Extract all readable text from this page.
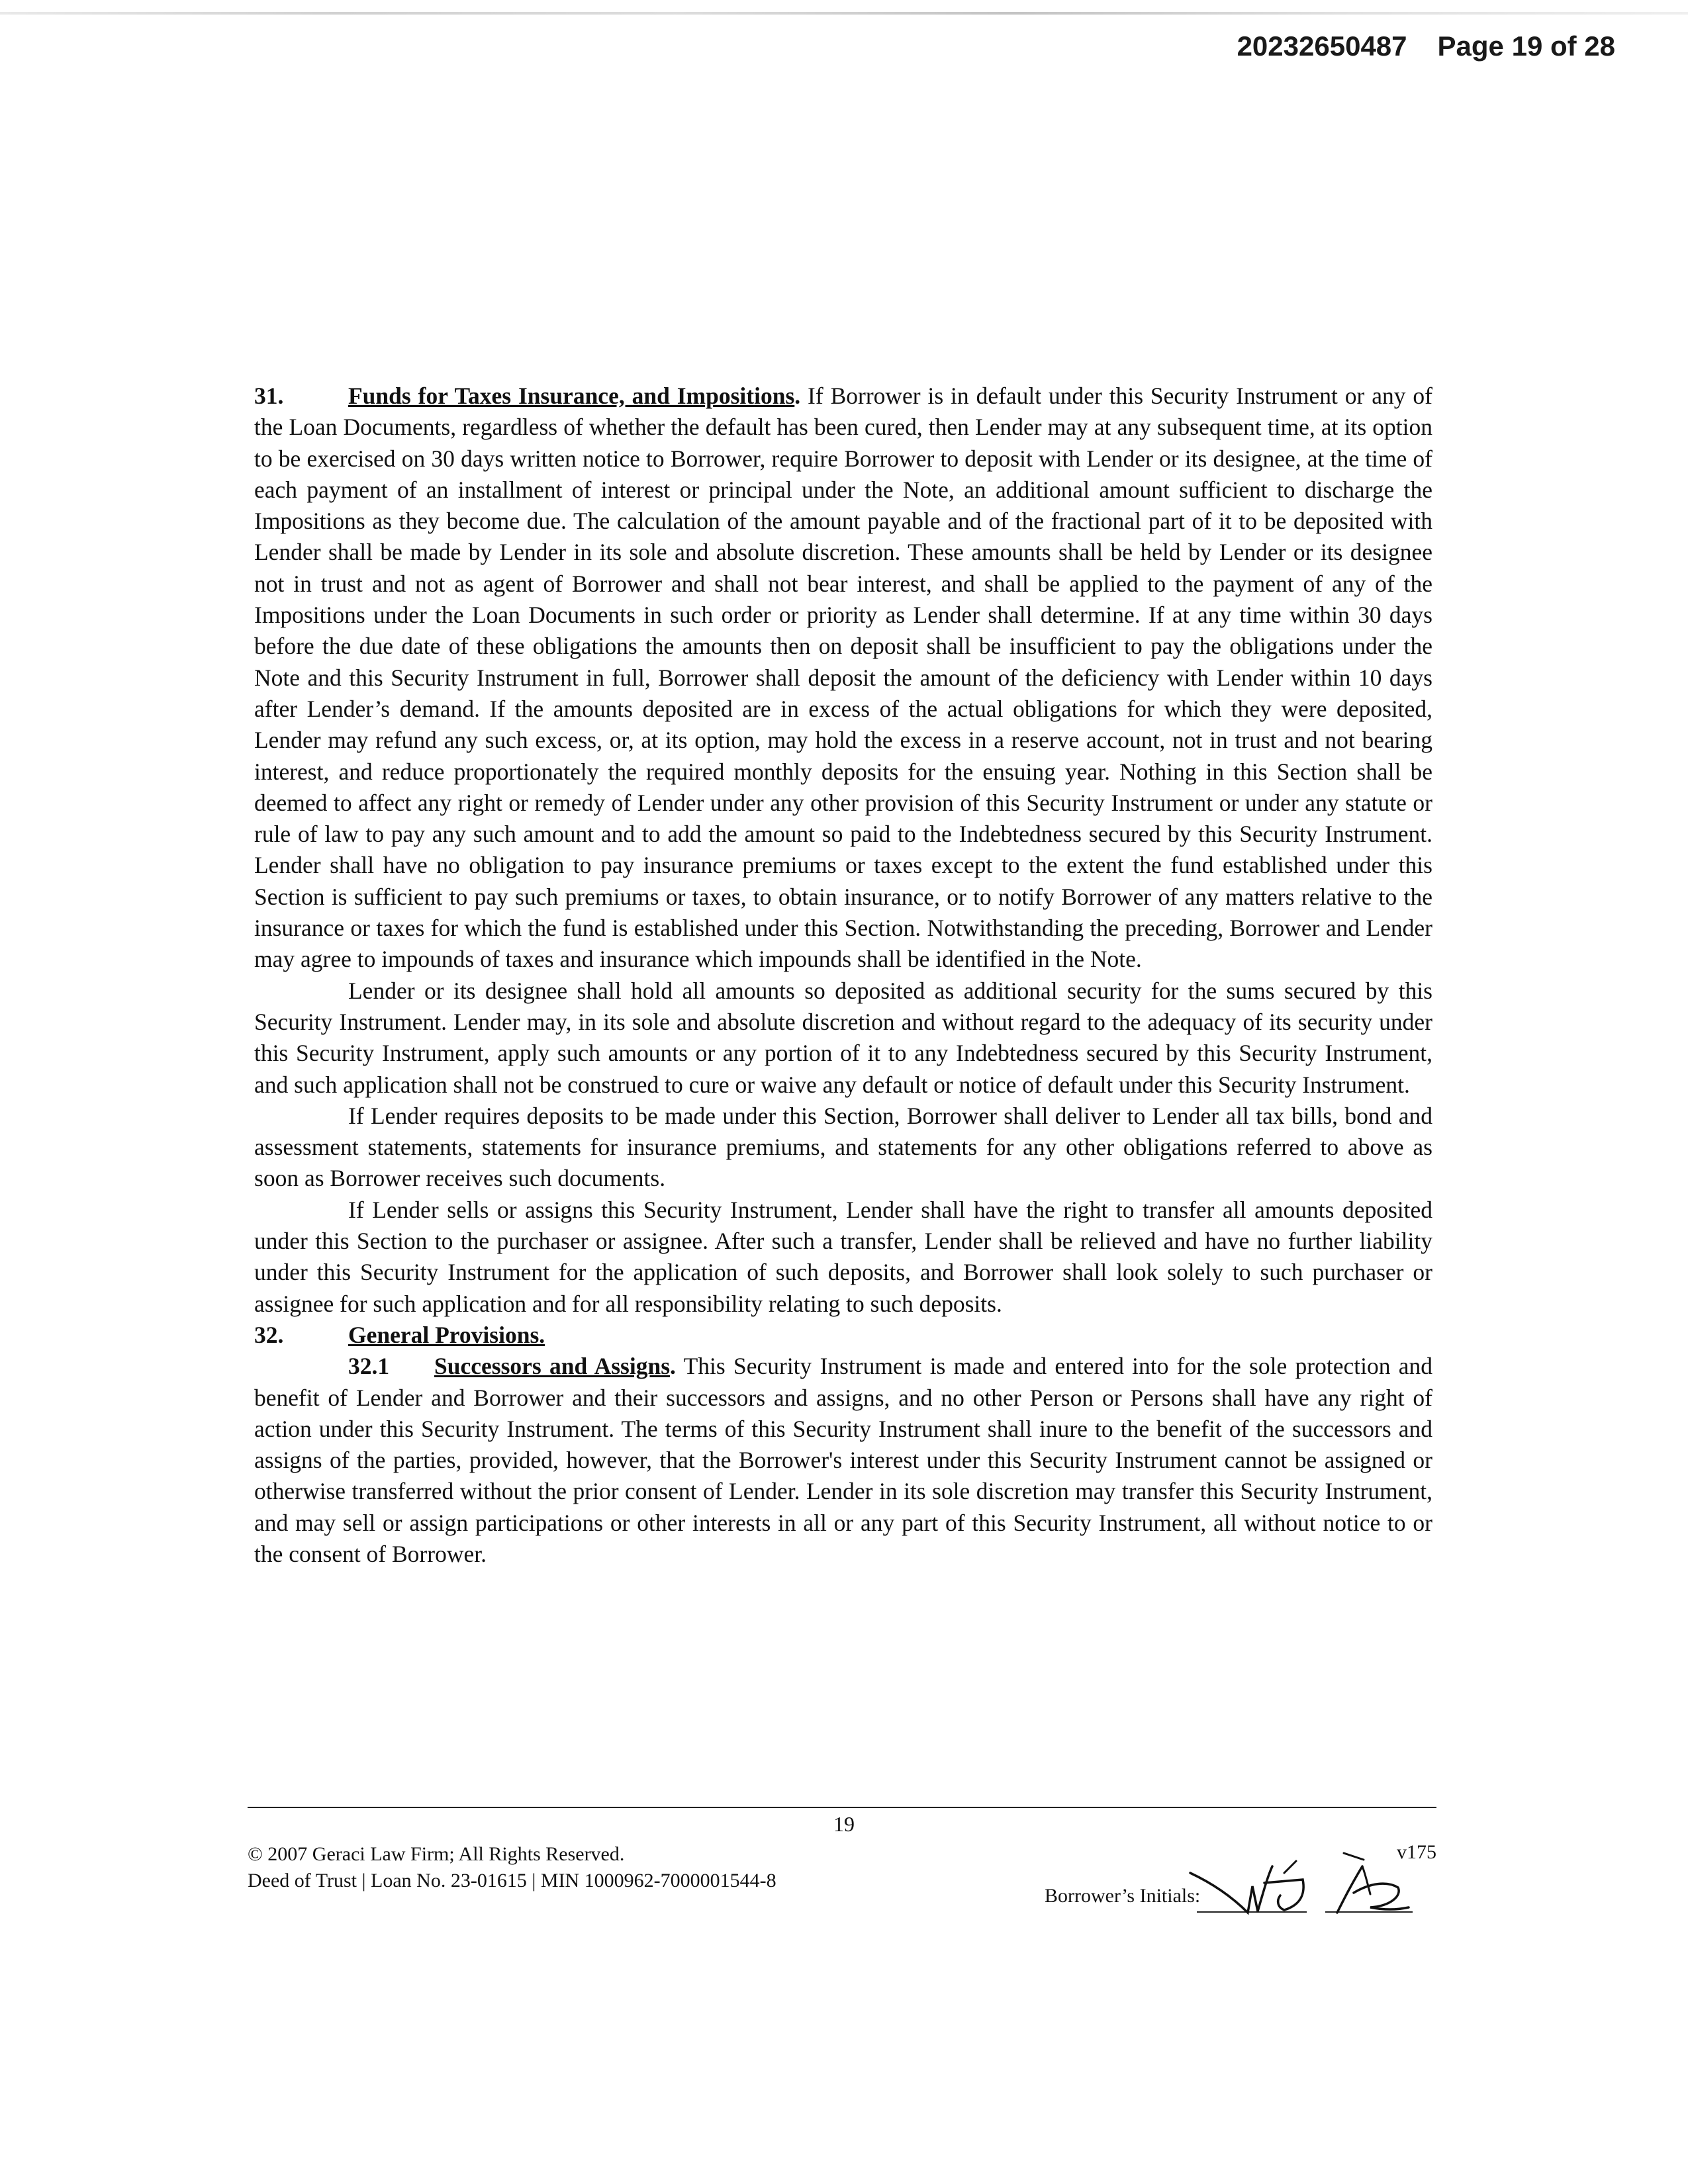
20232650487 Page 19 of 28

31.	Funds for Taxes Insurance, and Impositions. If Borrower is in default under this Security Instrument or any of the Loan Documents, regardless of whether the default has been cured, then Lender may at any subsequent time, at its option to be exercised on 30 days written notice to Borrower, require Borrower to deposit with Lender or its designee, at the time of each payment of an installment of interest or principal under the Note, an additional amount sufficient to discharge the Impositions as they become due. The calculation of the amount payable and of the fractional part of it to be deposited with Lender shall be made by Lender in its sole and absolute discretion. These amounts shall be held by Lender or its designee not in trust and not as agent of Borrower and shall not bear interest, and shall be applied to the payment of any of the Impositions under the Loan Documents in such order or priority as Lender shall determine. If at any time within 30 days before the due date of these obligations the amounts then on deposit shall be insufficient to pay the obligations under the Note and this Security Instrument in full, Borrower shall deposit the amount of the deficiency with Lender within 10 days after Lender’s demand. If the amounts deposited are in excess of the actual obligations for which they were deposited, Lender may refund any such excess, or, at its option, may hold the excess in a reserve account, not in trust and not bearing interest, and reduce proportionately the required monthly deposits for the ensuing year. Nothing in this Section shall be deemed to affect any right or remedy of Lender under any other provision of this Security Instrument or under any statute or rule of law to pay any such amount and to add the amount so paid to the Indebtedness secured by this Security Instrument. Lender shall have no obligation to pay insurance premiums or taxes except to the extent the fund established under this Section is sufficient to pay such premiums or taxes, to obtain insurance, or to notify Borrower of any matters relative to the insurance or taxes for which the fund is established under this Section. Notwithstanding the preceding, Borrower and Lender may agree to impounds of taxes and insurance which impounds shall be identified in the Note.

Lender or its designee shall hold all amounts so deposited as additional security for the sums secured by this Security Instrument. Lender may, in its sole and absolute discretion and without regard to the adequacy of its security under this Security Instrument, apply such amounts or any portion of it to any Indebtedness secured by this Security Instrument, and such application shall not be construed to cure or waive any default or notice of default under this Security Instrument.

If Lender requires deposits to be made under this Section, Borrower shall deliver to Lender all tax bills, bond and assessment statements, statements for insurance premiums, and statements for any other obligations referred to above as soon as Borrower receives such documents.

If Lender sells or assigns this Security Instrument, Lender shall have the right to transfer all amounts deposited under this Section to the purchaser or assignee. After such a transfer, Lender shall be relieved and have no further liability under this Security Instrument for the application of such deposits, and Borrower shall look solely to such purchaser or assignee for such application and for all responsibility relating to such deposits.

32.	General Provisions.

32.1 Successors and Assigns. This Security Instrument is made and entered into for the sole protection and benefit of Lender and Borrower and their successors and assigns, and no other Person or Persons shall have any right of action under this Security Instrument. The terms of this Security Instrument shall inure to the benefit of the successors and assigns of the parties, provided, however, that the Borrower's interest under this Security Instrument cannot be assigned or otherwise transferred without the prior consent of Lender. Lender in its sole discretion may transfer this Security Instrument, and may sell or assign participations or other interests in all or any part of this Security Instrument, all without notice to or the consent of Borrower.

19
© 2007 Geraci Law Firm; All Rights Reserved.
Deed of Trust | Loan No. 23-01615 | MIN 1000962-7000001544-8
v175
Borrower’s Initials:
